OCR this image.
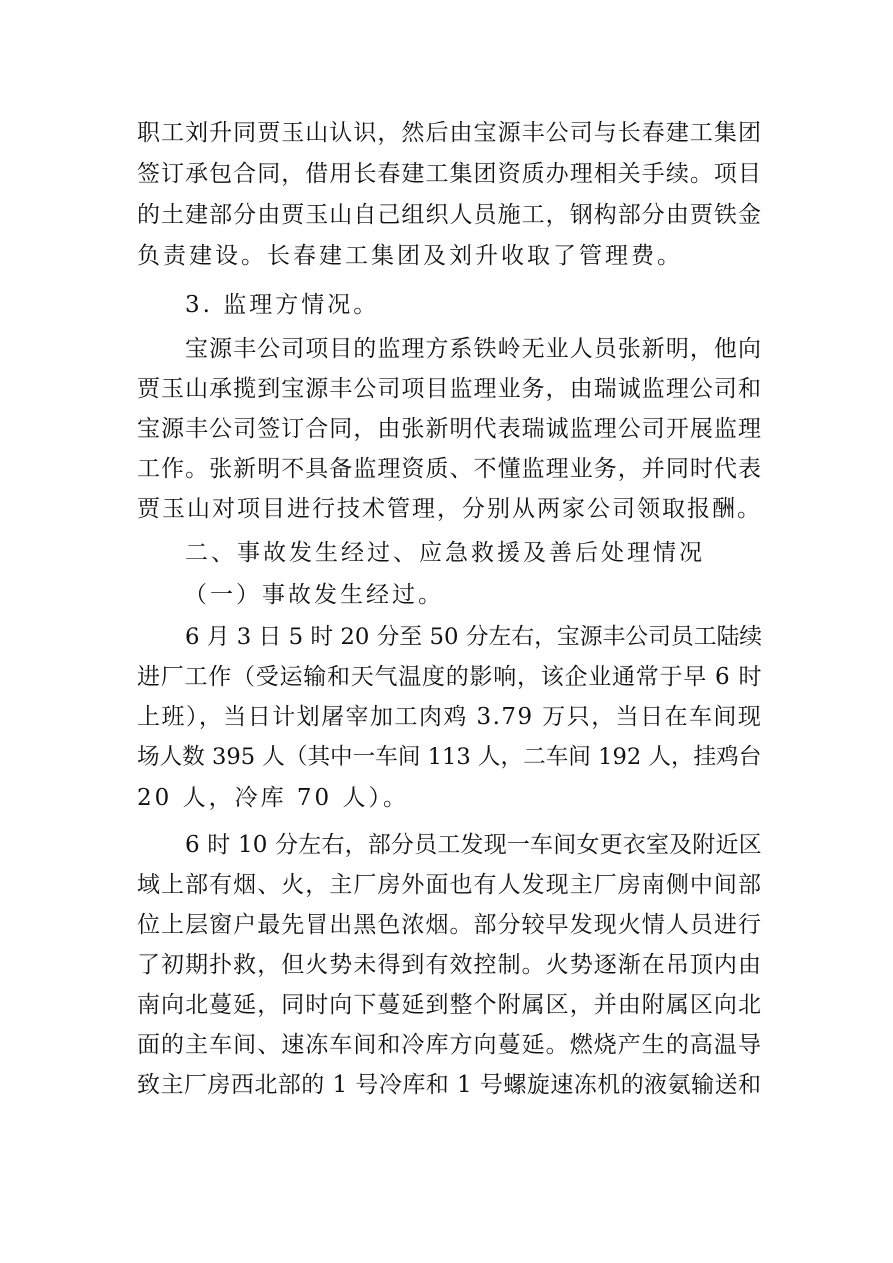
职工刘升同贾玉山认识，然后由宝源丰公司与长春建工集团
签订承包合同，借用长春建工集团资质办理相关手续。项目
的土建部分由贾玉山自己组织人员施工，钢构部分由贾铁金
负责建设。长春建工集团及刘升收取了管理费。
3. 监理方情况。
宝源丰公司项目的监理方系铁岭无业人员张新明，他向
贾玉山承揽到宝源丰公司项目监理业务，由瑞诚监理公司和
宝源丰公司签订合同，由张新明代表瑞诚监理公司开展监理
工作。张新明不具备监理资质、不懂监理业务，并同时代表
贾玉山对项目进行技术管理，分别从两家公司领取报酬。
二、事故发生经过、应急救援及善后处理情况
（一）事故发生经过。
6 月 3 日 5 时 20 分至 50 分左右，宝源丰公司员工陆续
进厂工作（受运输和天气温度的影响，该企业通常于早 6 时
上班），当日计划屠宰加工肉鸡 3.79 万只，当日在车间现
场人数 395 人（其中一车间 113 人，二车间 192 人，挂鸡台
20 人，冷库 70 人）。
6 时 10 分左右，部分员工发现一车间女更衣室及附近区
域上部有烟、火，主厂房外面也有人发现主厂房南侧中间部
位上层窗户最先冒出黑色浓烟。部分较早发现火情人员进行
了初期扑救，但火势未得到有效控制。火势逐渐在吊顶内由
南向北蔓延，同时向下蔓延到整个附属区，并由附属区向北
面的主车间、速冻车间和冷库方向蔓延。燃烧产生的高温导
致主厂房西北部的 1 号冷库和 1 号螺旋速冻机的液氨输送和
